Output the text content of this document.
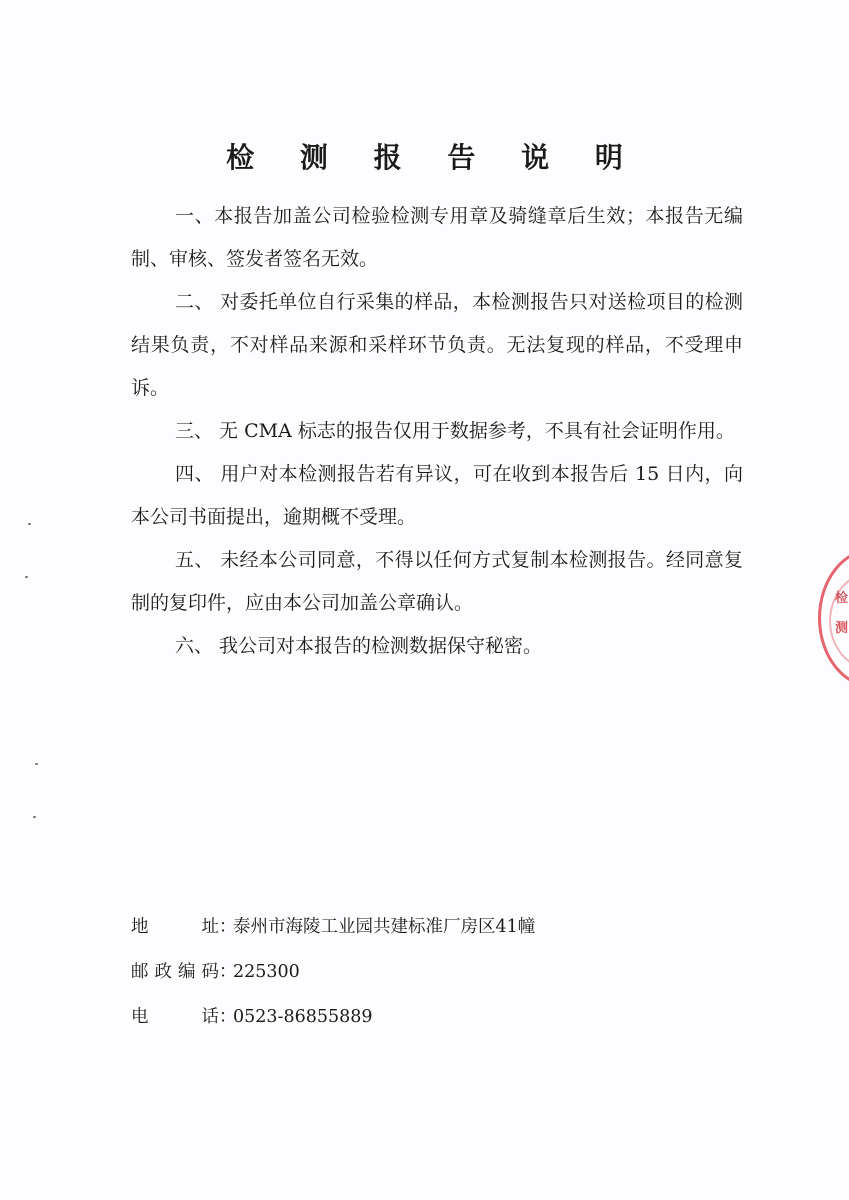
检 测 报 告 说 明

一、本报告加盖公司检验检测专用章及骑缝章后生效；本报告无编制、审核、签发者签名无效。

二、 对委托单位自行采集的样品，本检测报告只对送检项目的检测结果负责，不对样品来源和采样环节负责。无法复现的样品，不受理申诉。

三、 无 CMA 标志的报告仅用于数据参考，不具有社会证明作用。

四、 用户对本检测报告若有异议，可在收到本报告后 15 日内，向本公司书面提出，逾期概不受理。

五、 未经本公司同意，不得以任何方式复制本检测报告。经同意复制的复印件，应由本公司加盖公章确认。

六、 我公司对本报告的检测数据保守秘密。

地址 ：
泰州市海陵工业园共建标准厂房区41幢
邮政编码 ：
225300
电话 ：
0523-86855889
检
测
